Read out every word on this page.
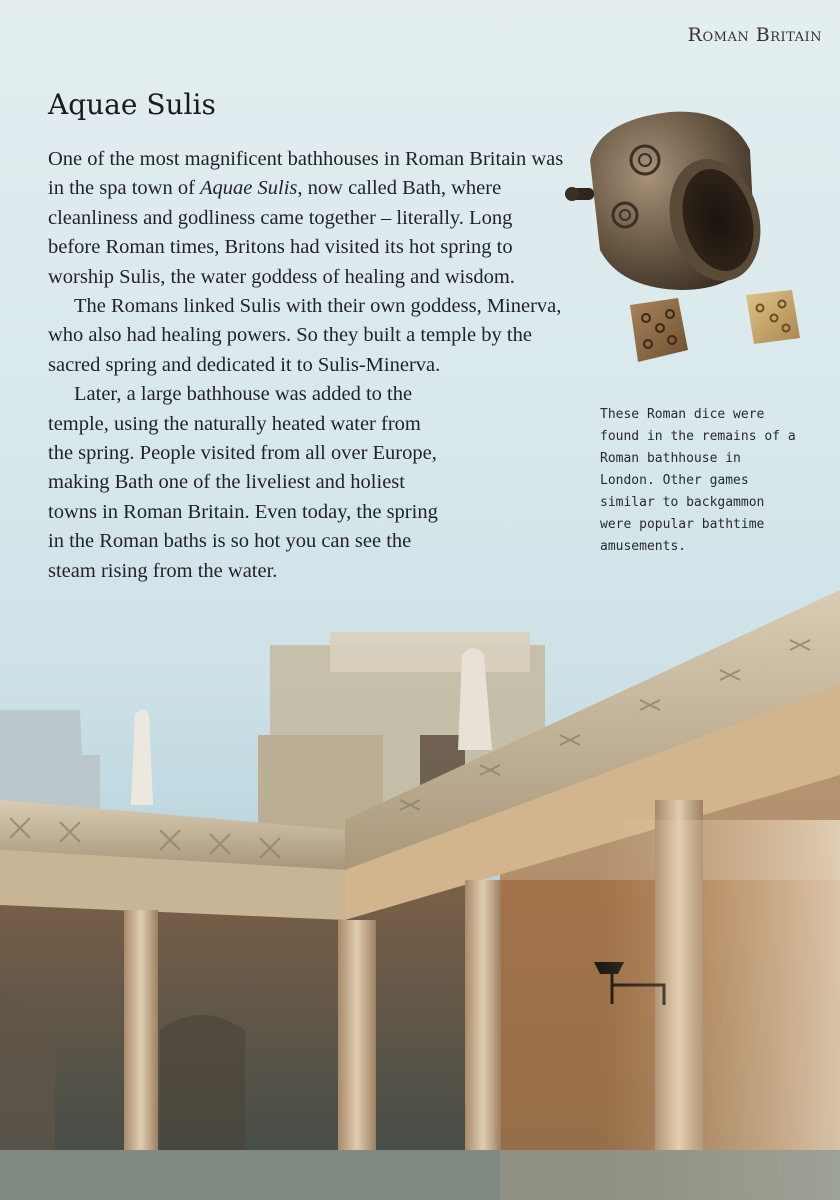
Roman Britain
Aquae Sulis

One of the most magnificent bathhouses in Roman Britain was in the spa town of Aquae Sulis, now called Bath, where cleanliness and godliness came together – literally. Long before Roman times, Britons had visited its hot spring to worship Sulis, the water goddess of healing and wisdom.

The Romans linked Sulis with their own goddess, Minerva, who also had healing powers. So they built a temple by the sacred spring and dedicated it to Sulis-Minerva.

Later, a large bathhouse was added to the temple, using the naturally heated water from the spring. People visited from all over Europe, making Bath one of the liveliest and holiest towns in Roman Britain. Even today, the spring in the Roman baths is so hot you can see the steam rising from the water.

These Roman dice were found in the remains of a Roman bathhouse in London. Other games similar to backgammon were popular bathtime amusements.
